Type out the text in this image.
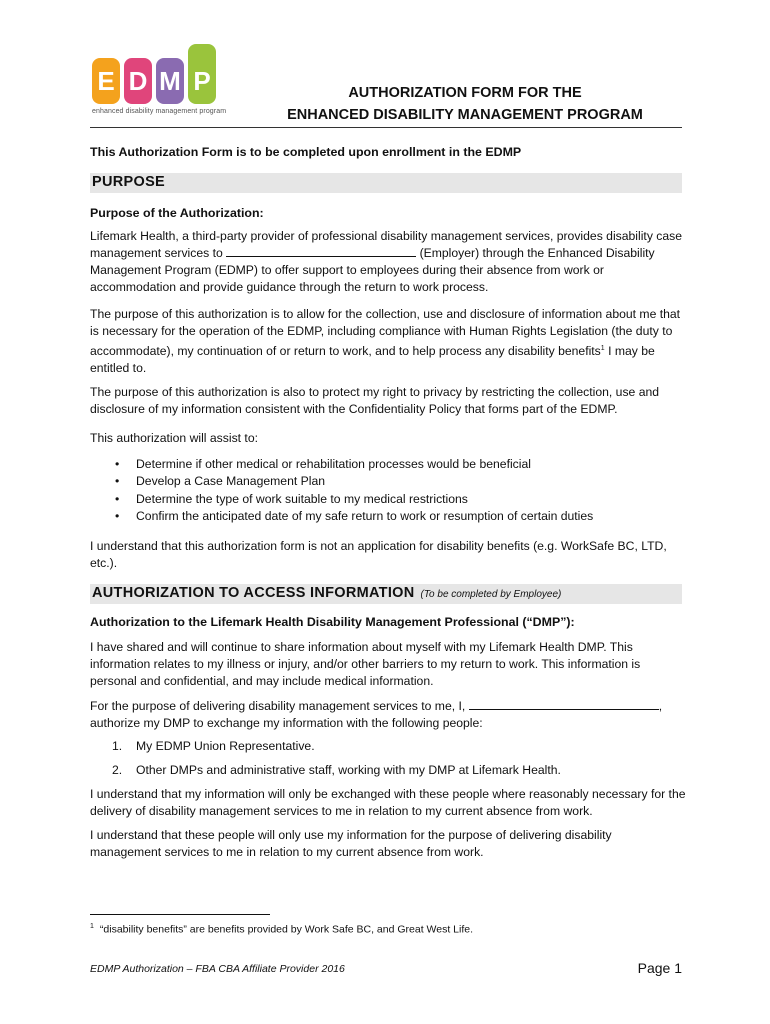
E D M P
enhanced disability management program
AUTHORIZATION FORM FOR THE
ENHANCED DISABILITY MANAGEMENT PROGRAM
This Authorization Form is to be completed upon enrollment in the EDMP
PURPOSE
Purpose of the Authorization:
Lifemark Health, a third-party provider of professional disability management services, provides disability case management services to	(Employer) through the Enhanced Disability Management Program (EDMP) to offer support to employees during their absence from work or accommodation and provide guidance through the return to work process.
The purpose of this authorization is to allow for the collection, use and disclosure of information about me that is necessary for the operation of the EDMP, including compliance with Human Rights Legislation (the duty to accommodate), my continuation of or return to work, and to help process any disability benefits$^1$ I may be entitled to.
The purpose of this authorization is also to protect my right to privacy by restricting the collection, use and disclosure of my information consistent with the Confidentiality Policy that forms part of the EDMP.
This authorization will assist to:
• Determine if other medical or rehabilitation processes would be beneficial
• Develop a Case Management Plan
• Determine the type of work suitable to my medical restrictions
• Confirm the anticipated date of my safe return to work or resumption of certain duties
I understand that this authorization form is not an application for disability benefits (e.g. WorkSafe BC, LTD, etc.).
AUTHORIZATION TO ACCESS INFORMATION (To be completed by Employee)
Authorization to the Lifemark Health Disability Management Professional (“DMP”):
I have shared and will continue to share information about myself with my Lifemark Health DMP. This information relates to my illness or injury, and/or other barriers to my return to work. This information is personal and confidential, and may include medical information.
For the purpose of delivering disability management services to me, I,	,
authorize my DMP to exchange my information with the following people:
1. My EDMP Union Representative.
2. Other DMPs and administrative staff, working with my DMP at Lifemark Health.
I understand that my information will only be exchanged with these people where reasonably necessary for the delivery of disability management services to me in relation to my current absence from work.
I understand that these people will only use my information for the purpose of delivering disability management services to me in relation to my current absence from work.
$^1$ “disability benefits” are benefits provided by Work Safe BC, and Great West Life.
EDMP Authorization – FBA CBA Affiliate Provider 2016	Page 1
